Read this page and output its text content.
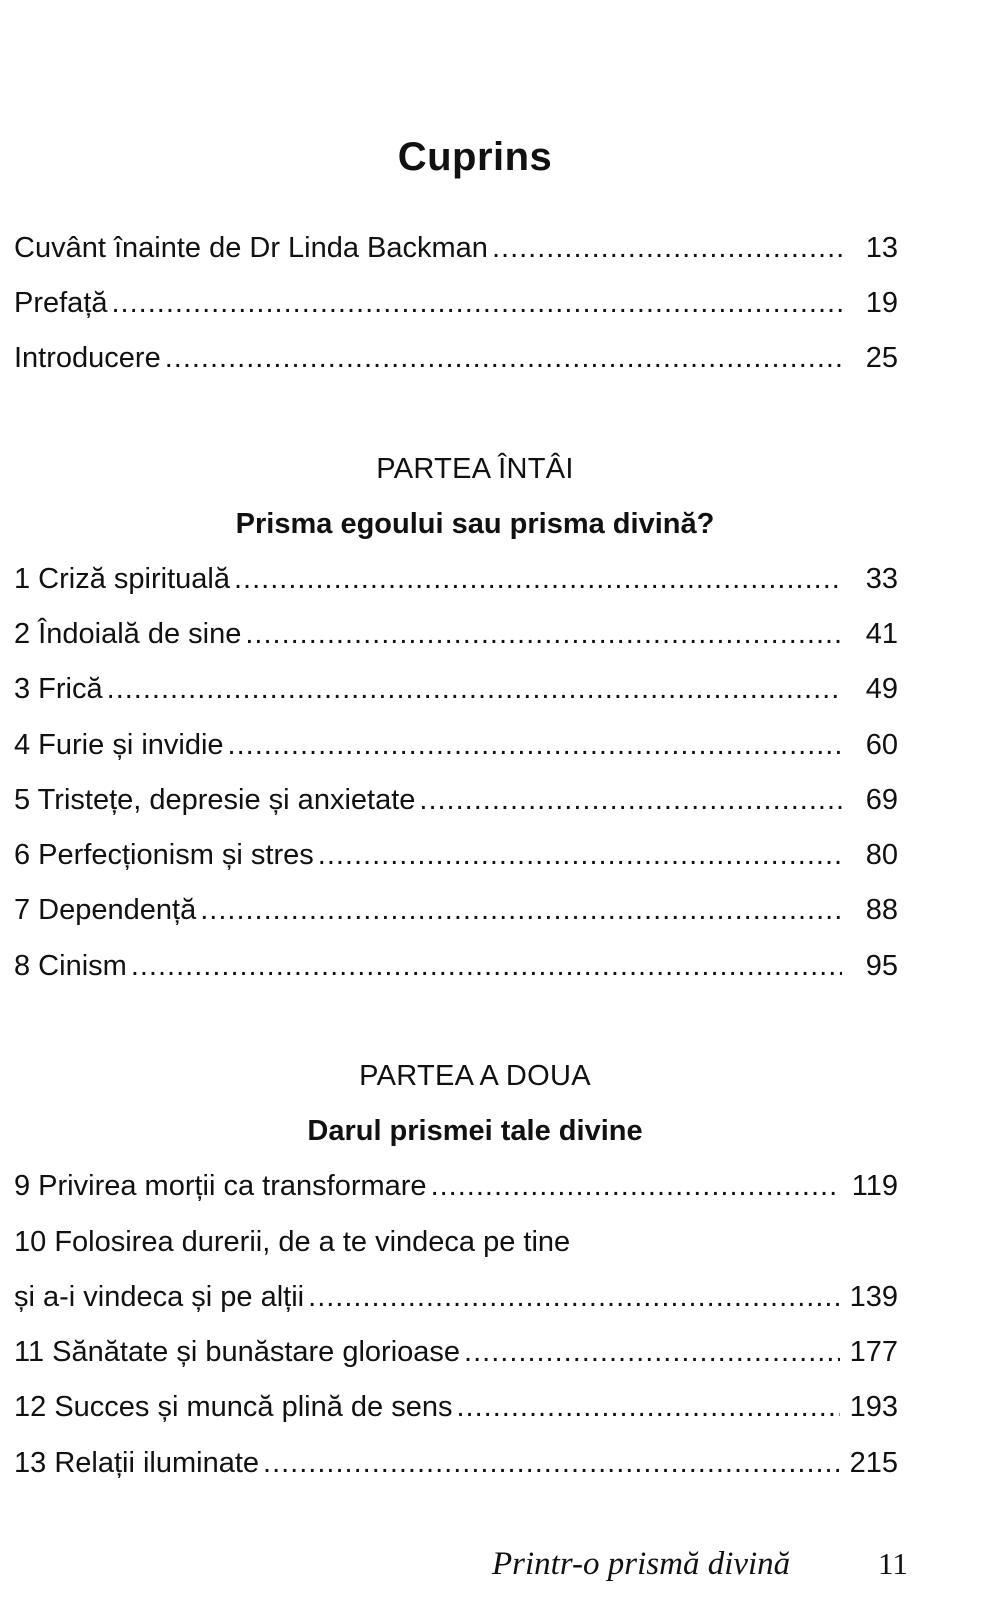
Cuprins
Cuvânt înainte de Dr Linda Backman .....	13
Prefață .....	19
Introducere .....	25
PARTEA ÎNTÂI
Prisma egoului sau prisma divină?
1 Criză spirituală .....	33
2 Îndoială de sine .....	41
3 Frică .....	49
4 Furie și invidie .....	60
5 Tristețe, depresie și anxietate .....	69
6 Perfecționism și stres .....	80
7 Dependență .....	88
8 Cinism .....	95
PARTEA A DOUA
Darul prismei tale divine
9 Privirea morții ca transformare .....	119
10 Folosirea durerii, de a te vindeca pe tine
și a-i vindeca și pe alții .....	139
11 Sănătate și bunăstare glorioase .....	177
12 Succes și muncă plină de sens .....	193
13 Relații iluminate .....	215
Printr-o prismă divină	11
